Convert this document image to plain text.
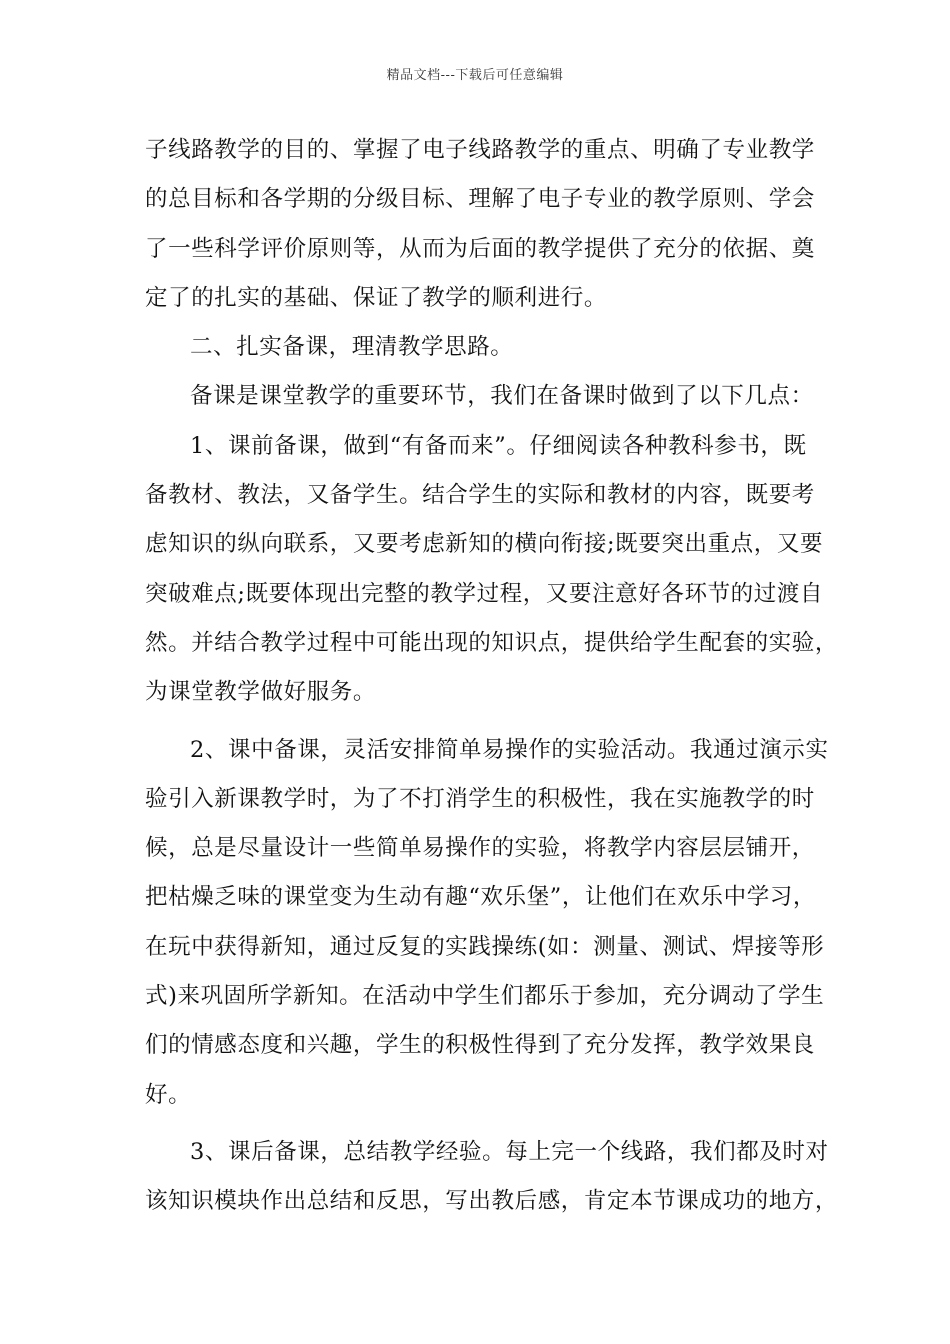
精品文档---下载后可任意编辑
子线路教学的目的、掌握了电子线路教学的重点、明确了专业教学
的总目标和各学期的分级目标、理解了电子专业的教学原则、学会
了一些科学评价原则等，从而为后面的教学提供了充分的依据、奠
定了的扎实的基础、保证了教学的顺利进行。
二、扎实备课，理清教学思路。
备课是课堂教学的重要环节，我们在备课时做到了以下几点：
1、课前备课，做到“有备而来”。仔细阅读各种教科参书，既
备教材、教法，又备学生。结合学生的实际和教材的内容，既要考
虑知识的纵向联系，又要考虑新知的横向衔接;既要突出重点，又要
突破难点;既要体现出完整的教学过程，又要注意好各环节的过渡自
然。并结合教学过程中可能出现的知识点，提供给学生配套的实验，
为课堂教学做好服务。
2、课中备课，灵活安排简单易操作的实验活动。我通过演示实
验引入新课教学时，为了不打消学生的积极性，我在实施教学的时
候，总是尽量设计一些简单易操作的实验，将教学内容层层铺开，
把枯燥乏味的课堂变为生动有趣“欢乐堡”，让他们在欢乐中学习，
在玩中获得新知，通过反复的实践操练(如：测量、测试、焊接等形
式)来巩固所学新知。在活动中学生们都乐于参加，充分调动了学生
们的情感态度和兴趣，学生的积极性得到了充分发挥，教学效果良
好。
3、课后备课，总结教学经验。每上完一个线路，我们都及时对
该知识模块作出总结和反思，写出教后感，肯定本节课成功的地方，
